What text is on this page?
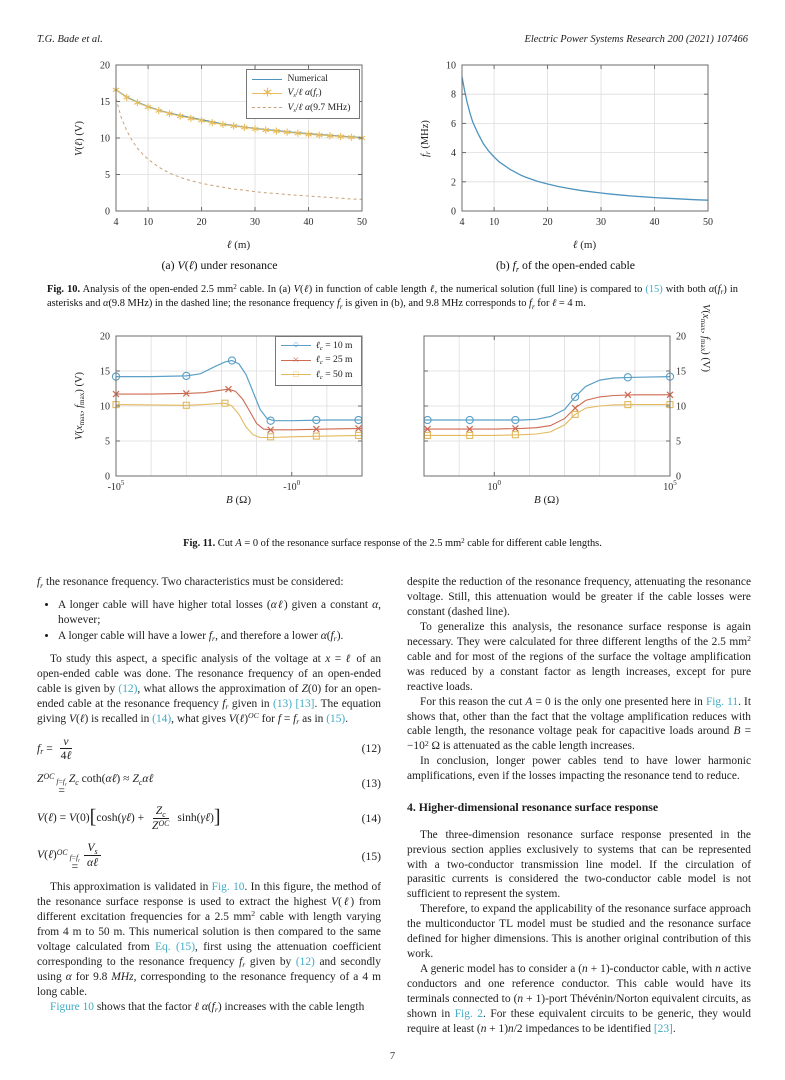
T.G. Bade et al.	Electric Power Systems Research 200 (2021) 107466
4 10	20	30	40	50
0
5
10
15
20
V(ℓ) (V)
ℓ (m)
(a) V(ℓ) under resonance
Numerical
∗ $V_s/\ell$ $\alpha(f_r)$
$V_s/\ell$ α(9.7 MHz)
4 10	20	30	40	50
0
2
4
6
8
10
$f_r$ (MHz)
ℓ (m)
(b) $f_r$ of the open-ended cable
Fig. 10. Analysis of the open-ended 2.5 $mm^2$ cable. In (a) V(ℓ) in function of cable length ℓ, the numerical solution (full line) is compared to (15) with both $\alpha(f_r)$ in asterisks and α(9.8 MHz) in the dashed line; the resonance frequency $f_r$ is given in (b), and 9.8 MHz corresponds to $f_r$ for ℓ = 4 m.
$-10^5$	$-10^0$
0
5
10
15
20
$V(x_{max}$, $f_{max}$) (V)
B (Ω)
○ ℓ$_c$ = 10 m
× ℓ$_c$ = 25 m
□ ℓ$_c$ = 50 m
$10^0$	$10^5$
0
5
10
15
20
$V(x_{max}$, $f_{max}$) (V)
B (Ω)
Fig. 11. Cut A = 0 of the resonance surface response of the 2.5 $mm^2$ cable for different cable lengths.

$f_r$ the resonance frequency. Two characteristics must be considered:

• A longer cable will have higher total losses (αℓ) given a constant α, however;
• A longer cable will have a lower $f_r$, and therefore a lower $\alpha(f_r)$.

To study this aspect, a specific analysis of the voltage at x = ℓ of an open-ended cable was done. The resonance frequency of an open-ended cable is given by (12), what allows the approximation of Z(0) for an open-ended cable at the resonance frequency $f_r$ given in (13) [13]. The equation giving V(ℓ) is recalled in (14), what gives V(ℓ)$^{OC}$ for $f = f_r$ as in (15).

$f_r = \frac{v}{\text{4ℓ}}$	(12)
$Z^{OC}$
$f=f_r$
=
$Z_c$ coth(αℓ) ≈ $Z_c\alpha\ell$	(13)
V(ℓ) = V(0)[cosh(γℓ) + $\frac{Z_c}{Z^{OC}}$ sinh(γℓ)]	(14)
V(ℓ)$^{OC}$
$f=f_r$
= $\frac{V_s}{\text{αℓ}}$	(15)

This approximation is validated in Fig. 10. In this figure, the method of the resonance surface response is used to extract the highest V(ℓ) from different excitation frequencies for a 2.5 $mm^2$ cable with length varying from 4 m to 50 m. This numerical solution is then compared to the same voltage calculated from Eq. (15), first using the attenuation coefficient corresponding to the resonance frequency $f_r$ given by (12) and secondly using α for 9.8 MHz, corresponding to the resonance frequency of a 4 m long cable.

Figure 10 shows that the factor ℓ $\alpha(f_r)$ increases with the cable length

despite the reduction of the resonance frequency, attenuating the resonance voltage. Still, this attenuation would be greater if the cable losses were constant (dashed line).

To generalize this analysis, the resonance surface response is again necessary. They were calculated for three different lengths of the 2.5 $mm^2$ cable and for most of the regions of the surface the voltage amplification was reduced by a constant factor as length increases, except for pure reactive loads.

For this reason the cut A = 0 is the only one presented here in Fig. 11. It shows that, other than the fact that the voltage amplification reduces with cable length, the resonance voltage peak for capacitive loads around $B = -10^2$ Ω is attenuated as the cable length increases.

In conclusion, longer power cables tend to have lower harmonic amplifications, even if the losses impacting the resonance tend to reduce.

4. Higher-dimensional resonance surface response

The three-dimension resonance surface response presented in the previous section applies exclusively to systems that can be represented with a two-conductor transmission line model. If the circulation of parasitic currents is considered the two-conductor cable model is not sufficient to represent the system.

Therefore, to expand the applicability of the resonance surface approach the multiconductor TL model must be studied and the resonance surface defined for higher dimensions. This is another original contribution of this work.

A generic model has to consider a (n + 1)-conductor cable, with n active conductors and one reference conductor. This cable would have its terminals connected to (n + 1)-port Thévénin/Norton equivalent circuits, as shown in Fig. 2. For these equivalent circuits to be generic, they would require at least (n + 1)n/2 impedances to be identified [23].

7
